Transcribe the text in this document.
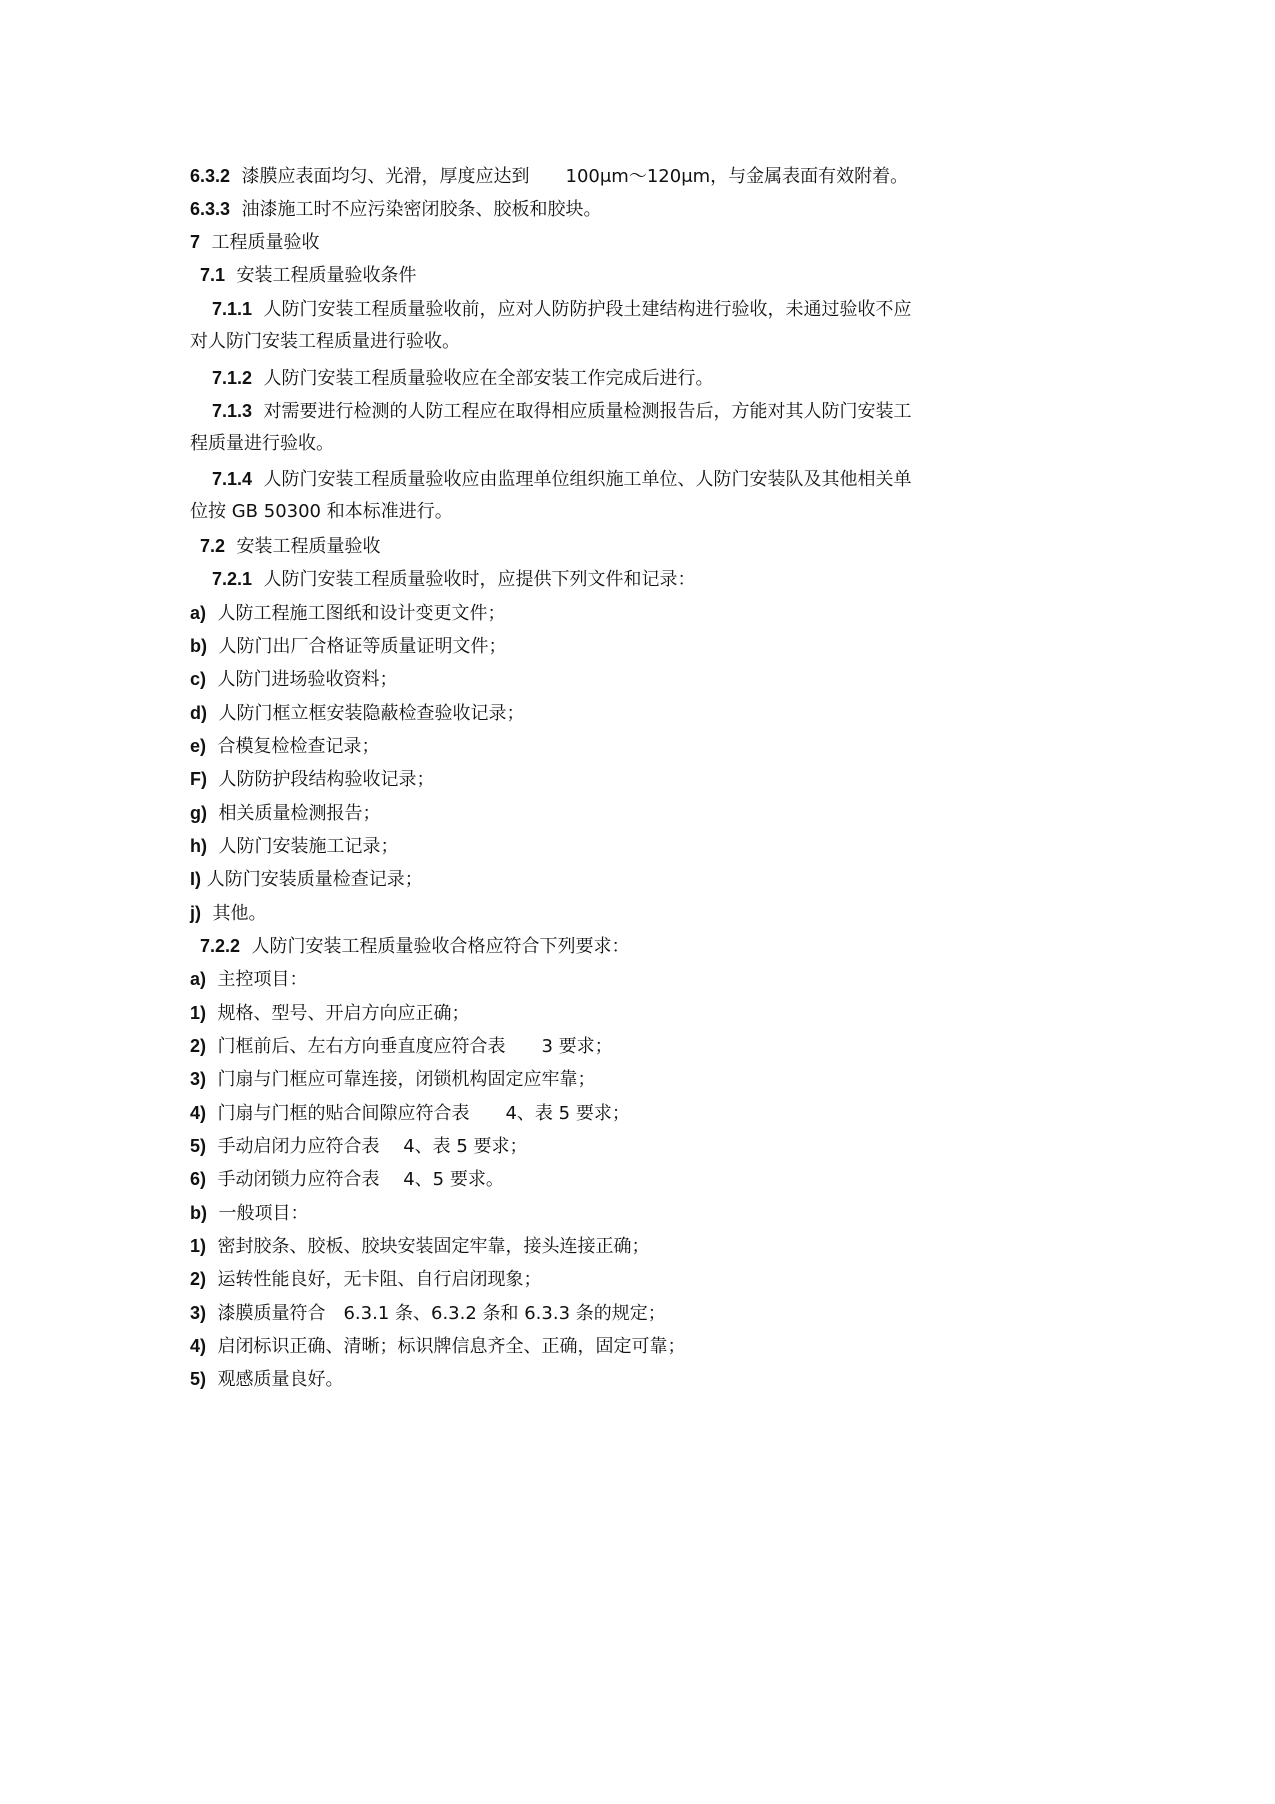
6.3.2 漆膜应表面均匀、光滑，厚度应达到　　100μm～120μm，与金属表面有效附着。
6.3.3 油漆施工时不应污染密闭胶条、胶板和胶块。
7 工程质量验收
7.1 安装工程质量验收条件
7.1.1 人防门安装工程质量验收前，应对人防防护段土建结构进行验收，未通过验收不应
对人防门安装工程质量进行验收。
7.1.2 人防门安装工程质量验收应在全部安装工作完成后进行。
7.1.3 对需要进行检测的人防工程应在取得相应质量检测报告后，方能对其人防门安装工
程质量进行验收。
7.1.4 人防门安装工程质量验收应由监理单位组织施工单位、人防门安装队及其他相关单
位按 GB 50300 和本标准进行。
7.2 安装工程质量验收
7.2.1 人防门安装工程质量验收时，应提供下列文件和记录：
a) 人防工程施工图纸和设计变更文件；
b) 人防门出厂合格证等质量证明文件；
c) 人防门进场验收资料；
d) 人防门框立框安装隐蔽检查验收记录；
e) 合模复检检查记录；
F) 人防防护段结构验收记录；
g) 相关质量检测报告；
h) 人防门安装施工记录；
I) 人防门安装质量检查记录；
j) 其他。
7.2.2 人防门安装工程质量验收合格应符合下列要求：
a) 主控项目：
1) 规格、型号、开启方向应正确；
2) 门框前后、左右方向垂直度应符合表　　3 要求；
3) 门扇与门框应可靠连接，闭锁机构固定应牢靠；
4) 门扇与门框的贴合间隙应符合表　　4、表 5 要求；
5) 手动启闭力应符合表　 4、表 5 要求；
6) 手动闭锁力应符合表　 4、5 要求。
b) 一般项目：
1) 密封胶条、胶板、胶块安装固定牢靠，接头连接正确；
2) 运转性能良好，无卡阻、自行启闭现象；
3) 漆膜质量符合　6.3.1 条、6.3.2 条和 6.3.3 条的规定；
4) 启闭标识正确、清晰；标识牌信息齐全、正确，固定可靠；
5) 观感质量良好。
